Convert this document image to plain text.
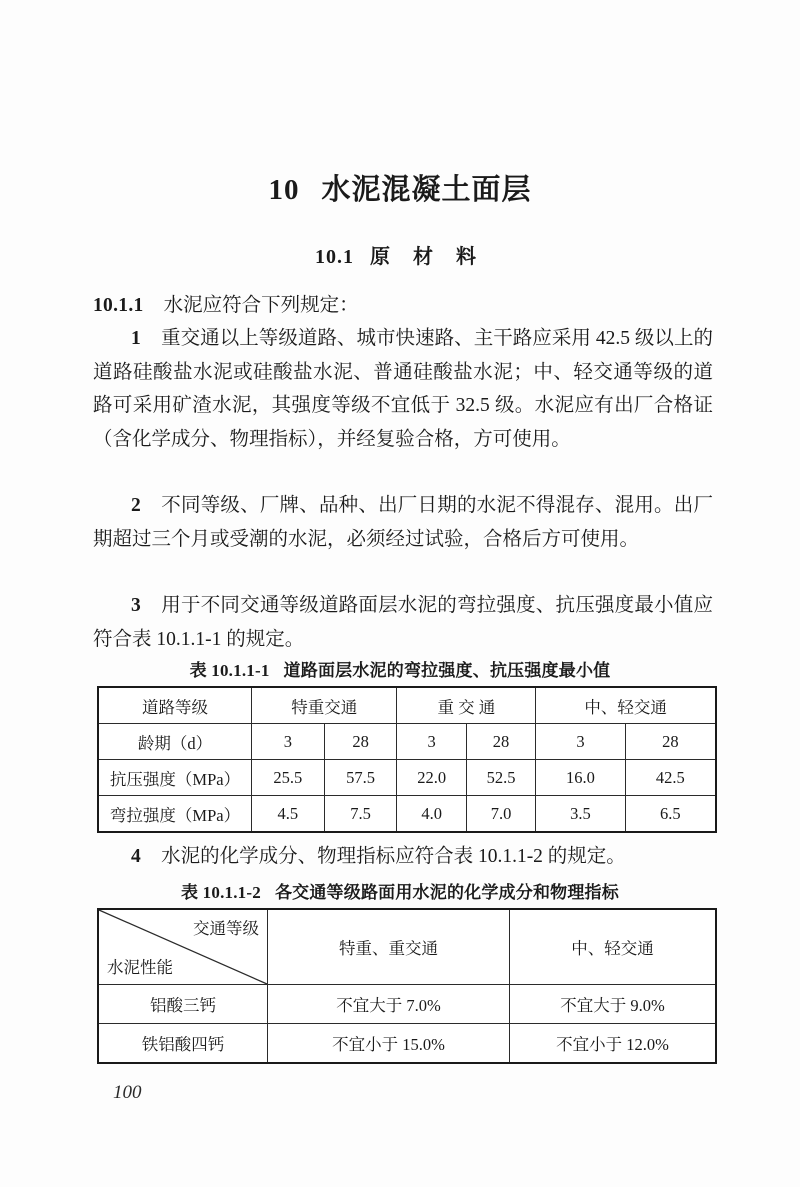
10 水泥混凝土面层
10.1 原 材 料
10.1.1 水泥应符合下列规定：
1 重交通以上等级道路、城市快速路、主干路应采用 42.5 级以上的道路硅酸盐水泥或硅酸盐水泥、普通硅酸盐水泥；中、轻交通等级的道路可采用矿渣水泥，其强度等级不宜低于 32.5 级。水泥应有出厂合格证（含化学成分、物理指标），并经复验合格，方可使用。
2 不同等级、厂牌、品种、出厂日期的水泥不得混存、混用。出厂期超过三个月或受潮的水泥，必须经过试验，合格后方可使用。
3 用于不同交通等级道路面层水泥的弯拉强度、抗压强度最小值应符合表 10.1.1-1 的规定。
表 10.1.1-1 道路面层水泥的弯拉强度、抗压强度最小值
道路等级	特重交通		重 交 通		中、轻交通	
龄期（d）	3	28	3	28	3	28
抗压强度（MPa）	25.5	57.5	22.0	52.5	16.0	42.5
弯拉强度（MPa）	4.5	7.5	4.0	7.0	3.5	6.5
4 水泥的化学成分、物理指标应符合表 10.1.1-2 的规定。
表 10.1.1-2 各交通等级路面用水泥的化学成分和物理指标
交通等级
水泥性能	特重、重交通	中、轻交通
铝酸三钙	不宜大于 7.0%	不宜大于 9.0%
铁铝酸四钙	不宜小于 15.0%	不宜小于 12.0%
100
